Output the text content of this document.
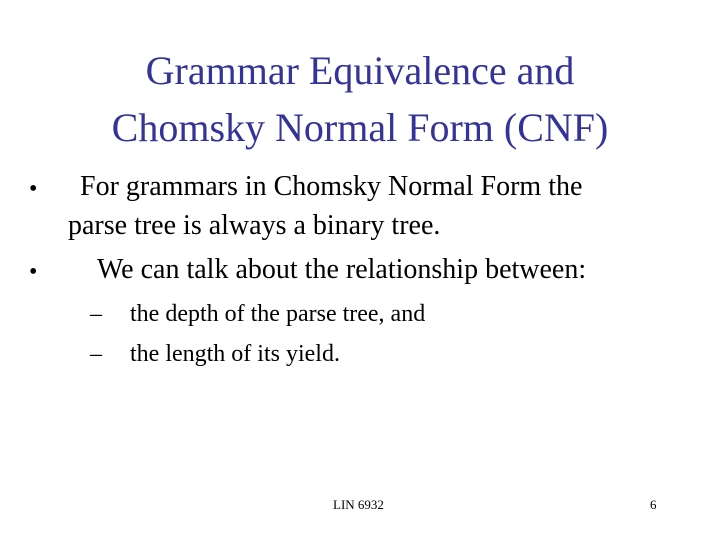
Grammar Equivalence and
Chomsky Normal Form (CNF)
• For grammars in Chomsky Normal Form the
parse tree is always a binary tree.
• We can talk about the relationship between:
– the depth of the parse tree, and
– the length of its yield.
LIN 6932	6
